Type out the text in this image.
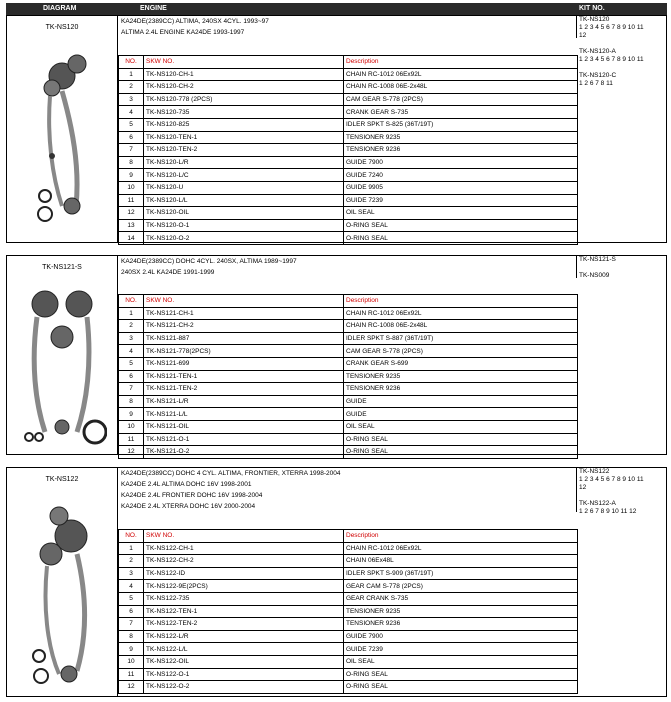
DIAGRAM	ENGINE	KIT NO.
TK-NS120
KA24DE(2389CC) ALTIMA, 240SX 4CYL. 1993~97
ALTIMA 2.4L ENGINE KA24DE 1993-1997
TK-NS120
1 2 3 4 5 6 7 8 9 10 11
12
TK-NS120-A
1 2 3 4 5 6 7 8 9 10 11
TK-NS120-C
1 2 6 7 8 11
NO.	SKW NO.	Description
1	TK-NS120-CH-1	CHAIN RC-1012 06Ex92L
2	TK-NS120-CH-2	CHAIN RC-1008 06E-2x48L
3	TK-NS120-778 (2PCS)	CAM GEAR S-778 (2PCS)
4	TK-NS120-735	CRANK GEAR S-735
5	TK-NS120-825	IDLER SPKT S-825 (36T/19T)
6	TK-NS120-TEN-1	TENSIONER 9235
7	TK-NS120-TEN-2	TENSIONER 9236
8	TK-NS120-L/R	GUIDE 7900
9	TK-NS120-L/C	GUIDE 7240
10	TK-NS120-U	GUIDE 9905
11	TK-NS120-L/L	GUIDE 7239
12	TK-NS120-OIL	OIL SEAL
13	TK-NS120-O-1	O-RING SEAL
14	TK-NS120-O-2	O-RING SEAL
TK-NS121-S
KA24DE(2389CC) DOHC 4CYL. 240SX, ALTIMA 1989~1997
240SX 2.4L KA24DE 1991-1999
TK-NS121-S
TK-NS009
NO.	SKW NO.	Description
1	TK-NS121-CH-1	CHAIN RC-1012 06Ex92L
2	TK-NS121-CH-2	CHAIN RC-1008 06E-2x48L
3	TK-NS121-887	IDLER SPKT S-887 (36T/19T)
4	TK-NS121-778(2PCS)	CAM GEAR S-778 (2PCS)
5	TK-NS121-699	CRANK GEAR S-699
6	TK-NS121-TEN-1	TENSIONER 9235
7	TK-NS121-TEN-2	TENSIONER 9236
8	TK-NS121-L/R	GUIDE
9	TK-NS121-L/L	GUIDE
10	TK-NS121-OIL	OIL SEAL
11	TK-NS121-O-1	O-RING SEAL
12	TK-NS121-O-2	O-RING SEAL
TK-NS122
KA24DE(2389CC) DOHC 4 CYL. ALTIMA, FRONTIER, XTERRA 1998-2004
KA24DE 2.4L ALTIMA DOHC 16V 1998-2001
KA24DE 2.4L FRONTIER DOHC 16V 1998-2004
KA24DE 2.4L XTERRA DOHC 16V 2000-2004
TK-NS122
1 2 3 4 5 6 7 8 9 10 11
12
TK-NS122-A
1 2 6 7 8 9 10 11 12
NO.	SKW NO.	Description
1	TK-NS122-CH-1	CHAIN RC-1012 06Ex92L
2	TK-NS122-CH-2	CHAIN 06Ex48L
3	TK-NS122-ID	IDLER SPKT S-909 (36T/19T)
4	TK-NS122-9E(2PCS)	GEAR CAM S-778 (2PCS)
5	TK-NS122-735	GEAR CRANK S-735
6	TK-NS122-TEN-1	TENSIONER 9235
7	TK-NS122-TEN-2	TENSIONER 9236
8	TK-NS122-L/R	GUIDE 7900
9	TK-NS122-L/L	GUIDE 7239
10	TK-NS122-OIL	OIL SEAL
11	TK-NS122-O-1	O-RING SEAL
12	TK-NS122-O-2	O-RING SEAL
